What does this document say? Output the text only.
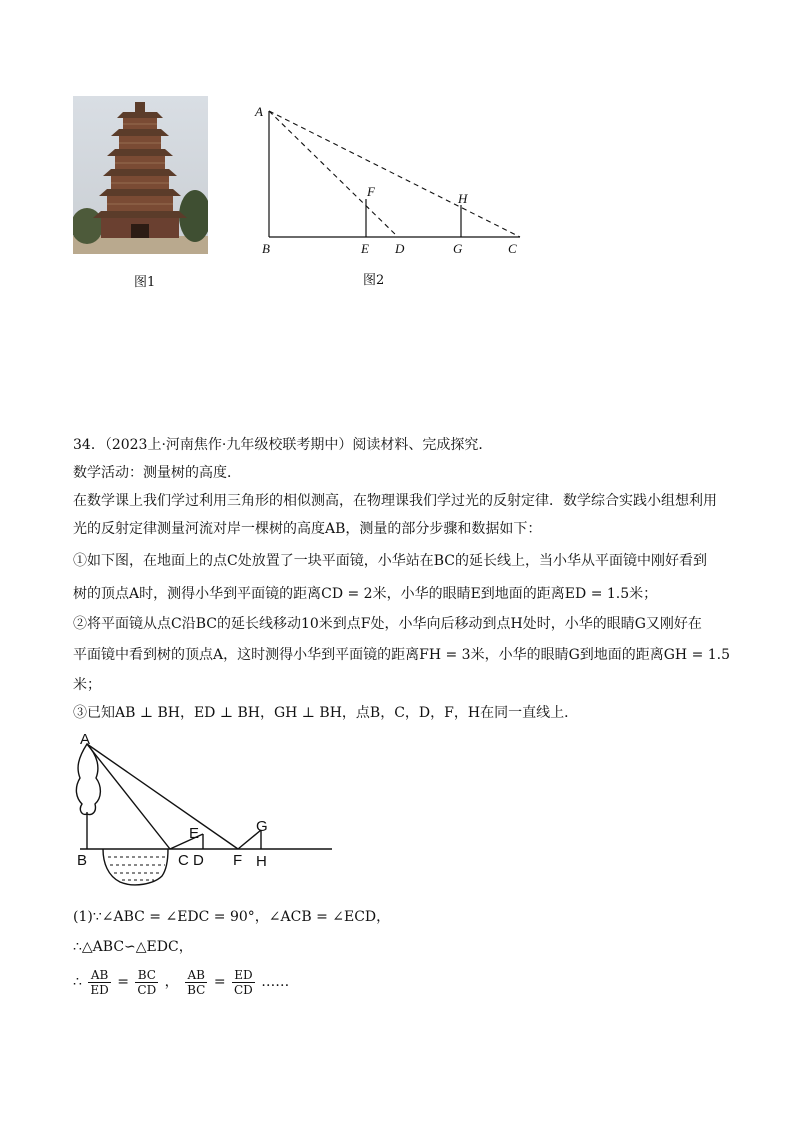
图1
A
B	E D	G	C
F	H
图2
34．（2023上·河南焦作·九年级校联考期中）阅读材料、完成探究．
数学活动：测量树的高度．
在数学课上我们学过利用三角形的相似测高，在物理课我们学过光的反射定律．数学综合实践小组想利用
光的反射定律测量河流对岸一棵树的高度AB，测量的部分步骤和数据如下：
①如下图，在地面上的点C处放置了一块平面镜，小华站在BC的延长线上，当小华从平面镜中刚好看到
树的顶点A时，测得小华到平面镜的距离CD = 2米，小华的眼睛E到地面的距离ED = 1.5米；
②将平面镜从点C沿BC的延长线移动10米到点F处，小华向后移动到点H处时，小华的眼睛G又刚好在
平面镜中看到树的顶点A，这时测得小华到平面镜的距离FH = 3米，小华的眼睛G到地面的距离GH = 1.5
米；
③已知AB ⊥ BH，ED ⊥ BH，GH ⊥ BH，点B，C，D，F，H在同一直线上．
A
B	C D
E
F
G
H
(1)∵∠ABC = ∠EDC = 90°，∠ACB = ∠ECD，
∴△ABC∽△EDC，
∴ $\frac{AB}{ED} = \frac{BC}{CD}$ ， $\frac{AB}{BC} = \frac{ED}{CD}$ ……
